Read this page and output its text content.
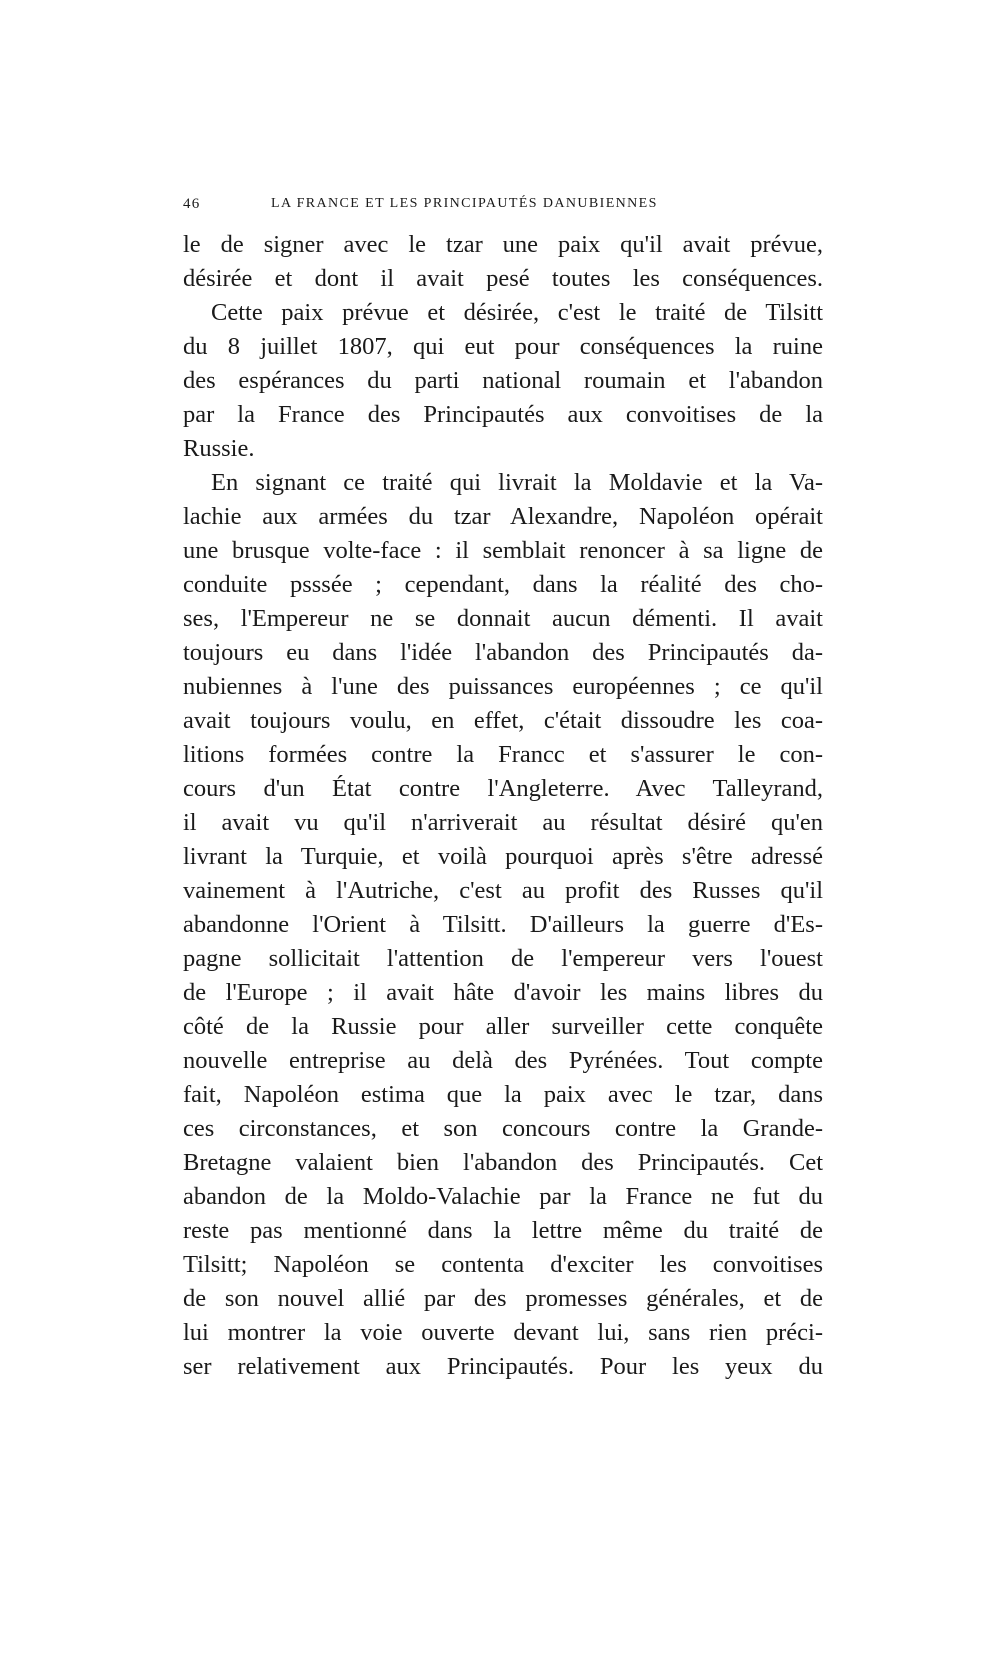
46	LA FRANCE ET LES PRINCIPAUTÉS DANUBIENNES
le de signer avec le tzar une paix qu'il avait prévue,
désirée et dont il avait pesé toutes les conséquences.
Cette paix prévue et désirée, c'est le traité de Tilsitt
du 8 juillet 1807, qui eut pour conséquences la ruine
des espérances du parti national roumain et l'abandon
par la France des Principautés aux convoitises de la
Russie.
En signant ce traité qui livrait la Moldavie et la Va-
lachie aux armées du tzar Alexandre, Napoléon opérait
une brusque volte-face : il semblait renoncer à sa ligne de
conduite psssée ; cependant, dans la réalité des cho-
ses, l'Empereur ne se donnait aucun démenti. Il avait
toujours eu dans l'idée l'abandon des Principautés da-
nubiennes à l'une des puissances européennes ; ce qu'il
avait toujours voulu, en effet, c'était dissoudre les coa-
litions formées contre la Francc et s'assurer le con-
cours d'un État contre l'Angleterre. Avec Talleyrand,
il avait vu qu'il n'arriverait au résultat désiré qu'en
livrant la Turquie, et voilà pourquoi après s'être adressé
vainement à l'Autriche, c'est au profit des Russes qu'il
abandonne l'Orient à Tilsitt. D'ailleurs la guerre d'Es-
pagne sollicitait l'attention de l'empereur vers l'ouest
de l'Europe ; il avait hâte d'avoir les mains libres du
côté de la Russie pour aller surveiller cette conquête
nouvelle entreprise au delà des Pyrénées. Tout compte
fait, Napoléon estima que la paix avec le tzar, dans
ces circonstances, et son concours contre la Grande-
Bretagne valaient bien l'abandon des Principautés. Cet
abandon de la Moldo-Valachie par la France ne fut du
reste pas mentionné dans la lettre même du traité de
Tilsitt; Napoléon se contenta d'exciter les convoitises
de son nouvel allié par des promesses générales, et de
lui montrer la voie ouverte devant lui, sans rien préci-
ser relativement aux Principautés. Pour les yeux du
